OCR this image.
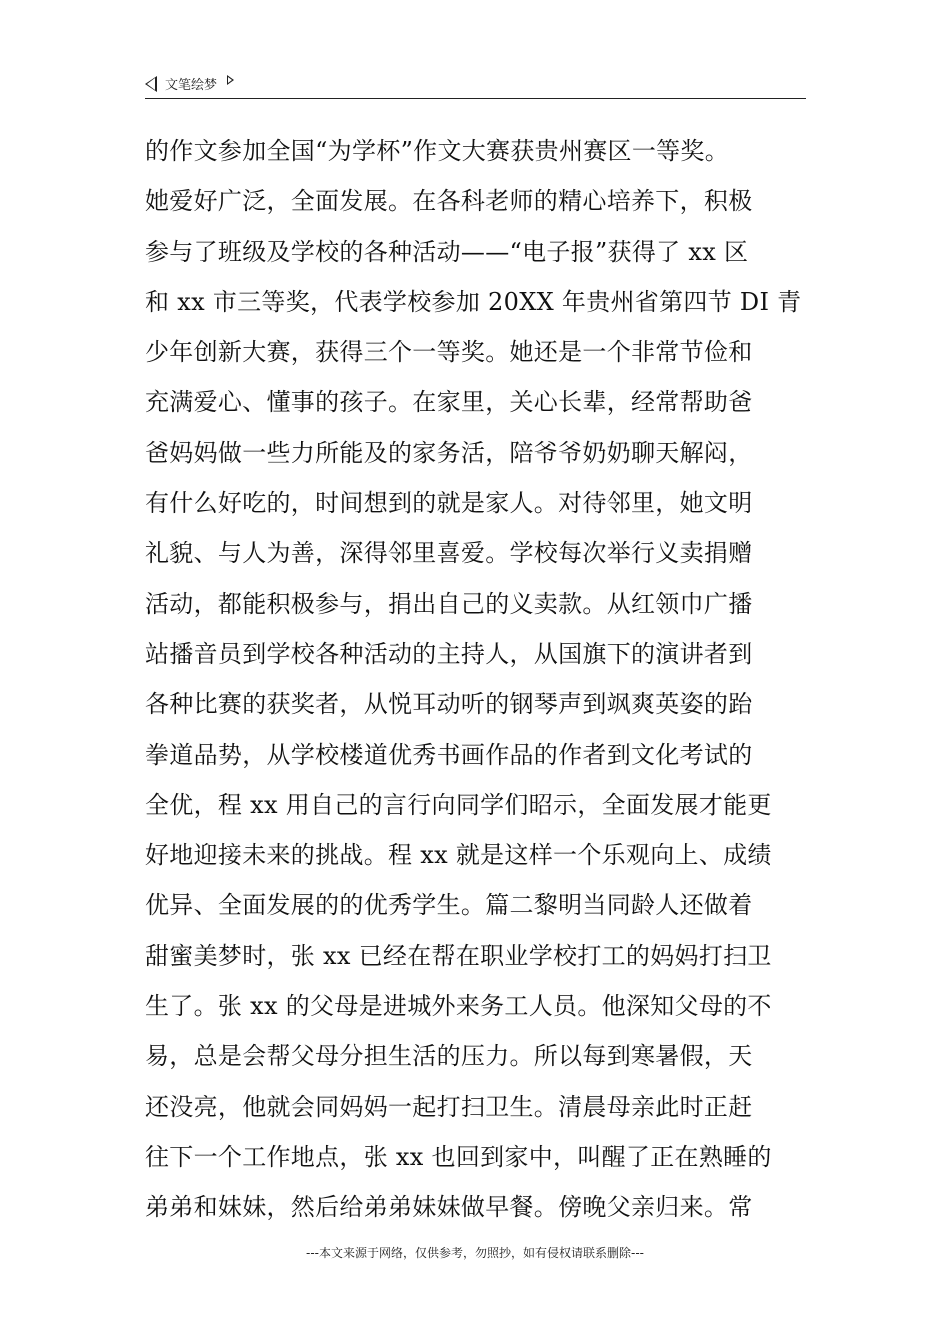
文笔绘梦
的作文参加全国“为学杯”作文大赛获贵州赛区一等奖。
她爱好广泛，全面发展。在各科老师的精心培养下，积极
参与了班级及学校的各种活动——“电子报”获得了 xx 区
和 xx 市三等奖，代表学校参加 20XX 年贵州省第四节 DI 青
少年创新大赛，获得三个一等奖。她还是一个非常节俭和
充满爱心、懂事的孩子。在家里，关心长辈，经常帮助爸
爸妈妈做一些力所能及的家务活，陪爷爷奶奶聊天解闷，
有什么好吃的，时间想到的就是家人。对待邻里，她文明
礼貌、与人为善，深得邻里喜爱。学校每次举行义卖捐赠
活动，都能积极参与，捐出自己的义卖款。从红领巾广播
站播音员到学校各种活动的主持人，从国旗下的演讲者到
各种比赛的获奖者，从悦耳动听的钢琴声到飒爽英姿的跆
拳道品势，从学校楼道优秀书画作品的作者到文化考试的
全优，程 xx 用自己的言行向同学们昭示，全面发展才能更
好地迎接未来的挑战。程 xx 就是这样一个乐观向上、成绩
优异、全面发展的的优秀学生。篇二黎明当同龄人还做着
甜蜜美梦时，张 xx 已经在帮在职业学校打工的妈妈打扫卫
生了。张 xx 的父母是进城外来务工人员。他深知父母的不
易，总是会帮父母分担生活的压力。所以每到寒暑假，天
还没亮，他就会同妈妈一起打扫卫生。清晨母亲此时正赶
往下一个工作地点，张 xx 也回到家中，叫醒了正在熟睡的
弟弟和妹妹，然后给弟弟妹妹做早餐。傍晚父亲归来。常
---本文来源于网络，仅供参考，勿照抄，如有侵权请联系删除---
